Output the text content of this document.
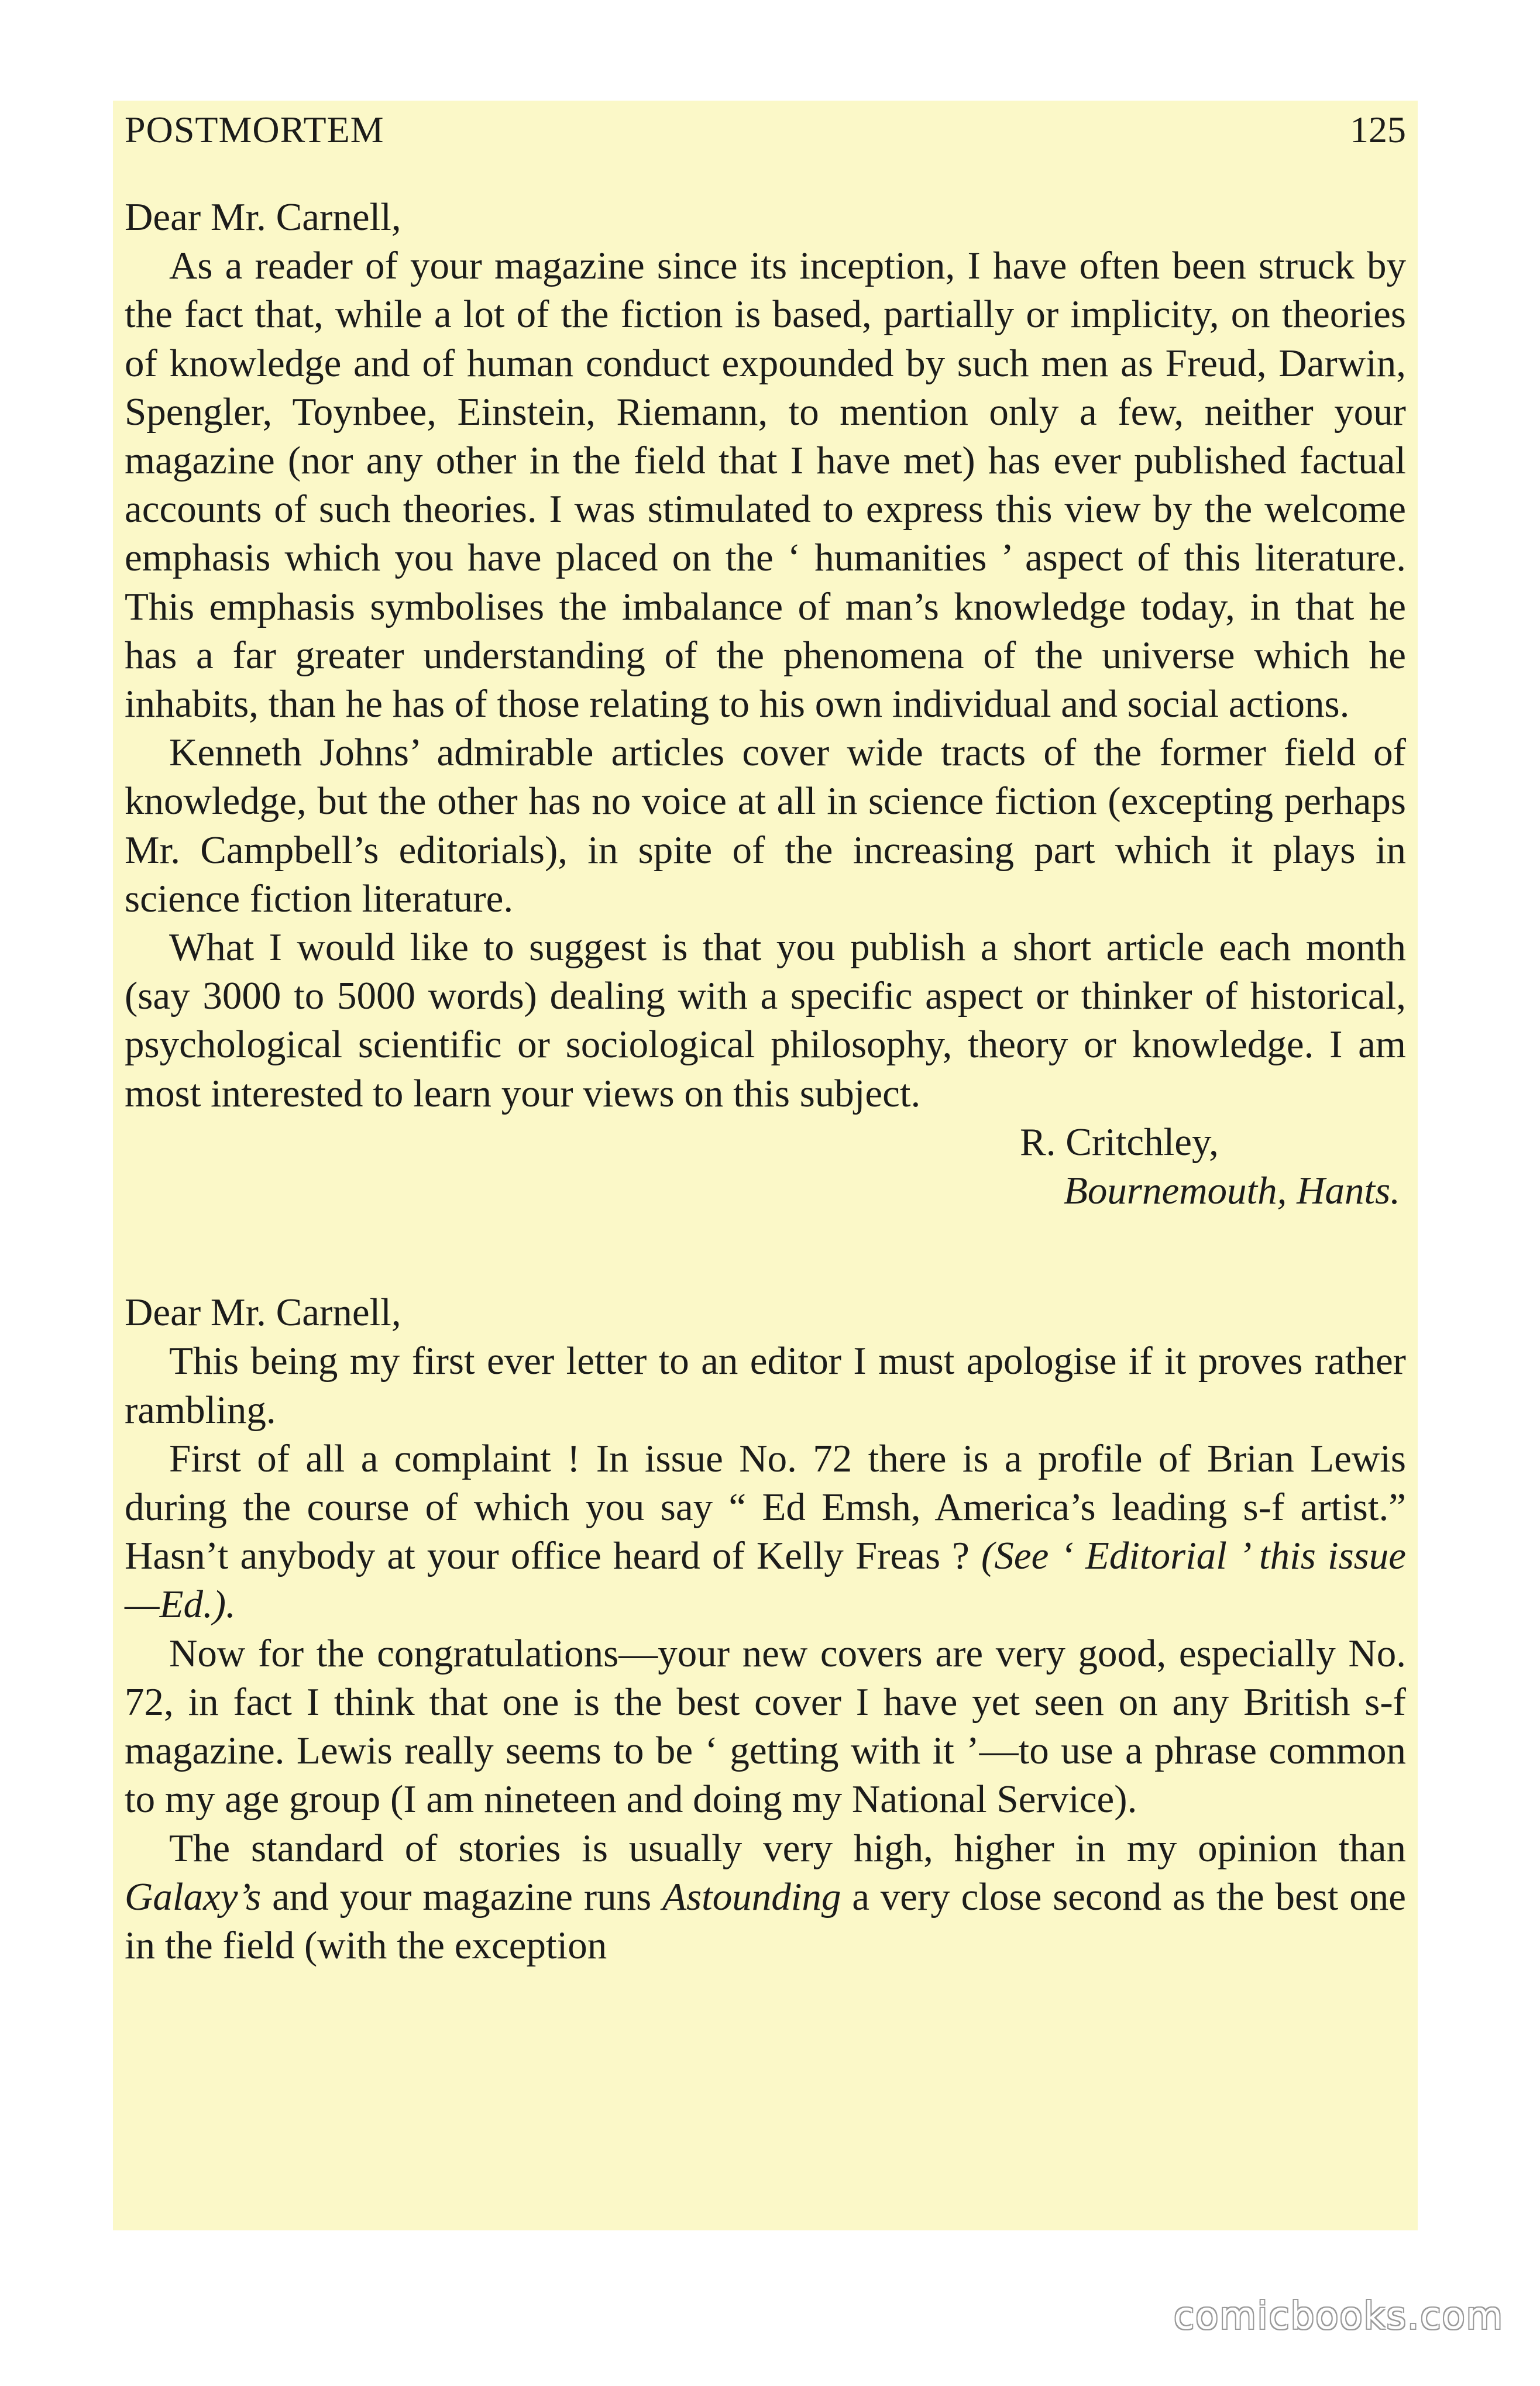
POSTMORTEM	125

Dear Mr. Carnell,

As a reader of your magazine since its inception, I have often been struck by the fact that, while a lot of the fiction is based, partially or implicity, on theories of knowledge and of human conduct expounded by such men as Freud, Darwin, Spengler, Toynbee, Einstein, Riemann, to mention only a few, neither your magazine (nor any other in the field that I have met) has ever published factual accounts of such theories. I was stimulated to express this view by the welcome emphasis which you have placed on the ‘ humanities ’ aspect of this literature. This emphasis symbolises the imbalance of man’s knowledge today, in that he has a far greater understanding of the phenomena of the universe which he inhabits, than he has of those relating to his own individual and social actions.

Kenneth Johns’ admirable articles cover wide tracts of the former field of knowledge, but the other has no voice at all in science fiction (excepting perhaps Mr. Campbell’s editorials), in spite of the increasing part which it plays in science fiction literature.

What I would like to suggest is that you publish a short article each month (say 3000 to 5000 words) dealing with a specific aspect or thinker of historical, psychological scientific or sociological philosophy, theory or knowledge. I am most interested to learn your views on this subject.

R. Critchley,

Bournemouth, Hants.

Dear Mr. Carnell,

This being my first ever letter to an editor I must apologise if it proves rather rambling.

First of all a complaint ! In issue No. 72 there is a profile of Brian Lewis during the course of which you say “ Ed Emsh, America’s leading s-f artist.” Hasn’t anybody at your office heard of Kelly Freas ? (See ‘ Editorial ’ this issue—Ed.).

Now for the congratulations—your new covers are very good, especially No. 72, in fact I think that one is the best cover I have yet seen on any British s-f magazine. Lewis really seems to be ‘ getting with it ’—to use a phrase common to my age group (I am nineteen and doing my National Service).

The standard of stories is usually very high, higher in my opinion than Galaxy’s and your magazine runs Astounding a very close second as the best one in the field (with the exception

comicbooks.com
